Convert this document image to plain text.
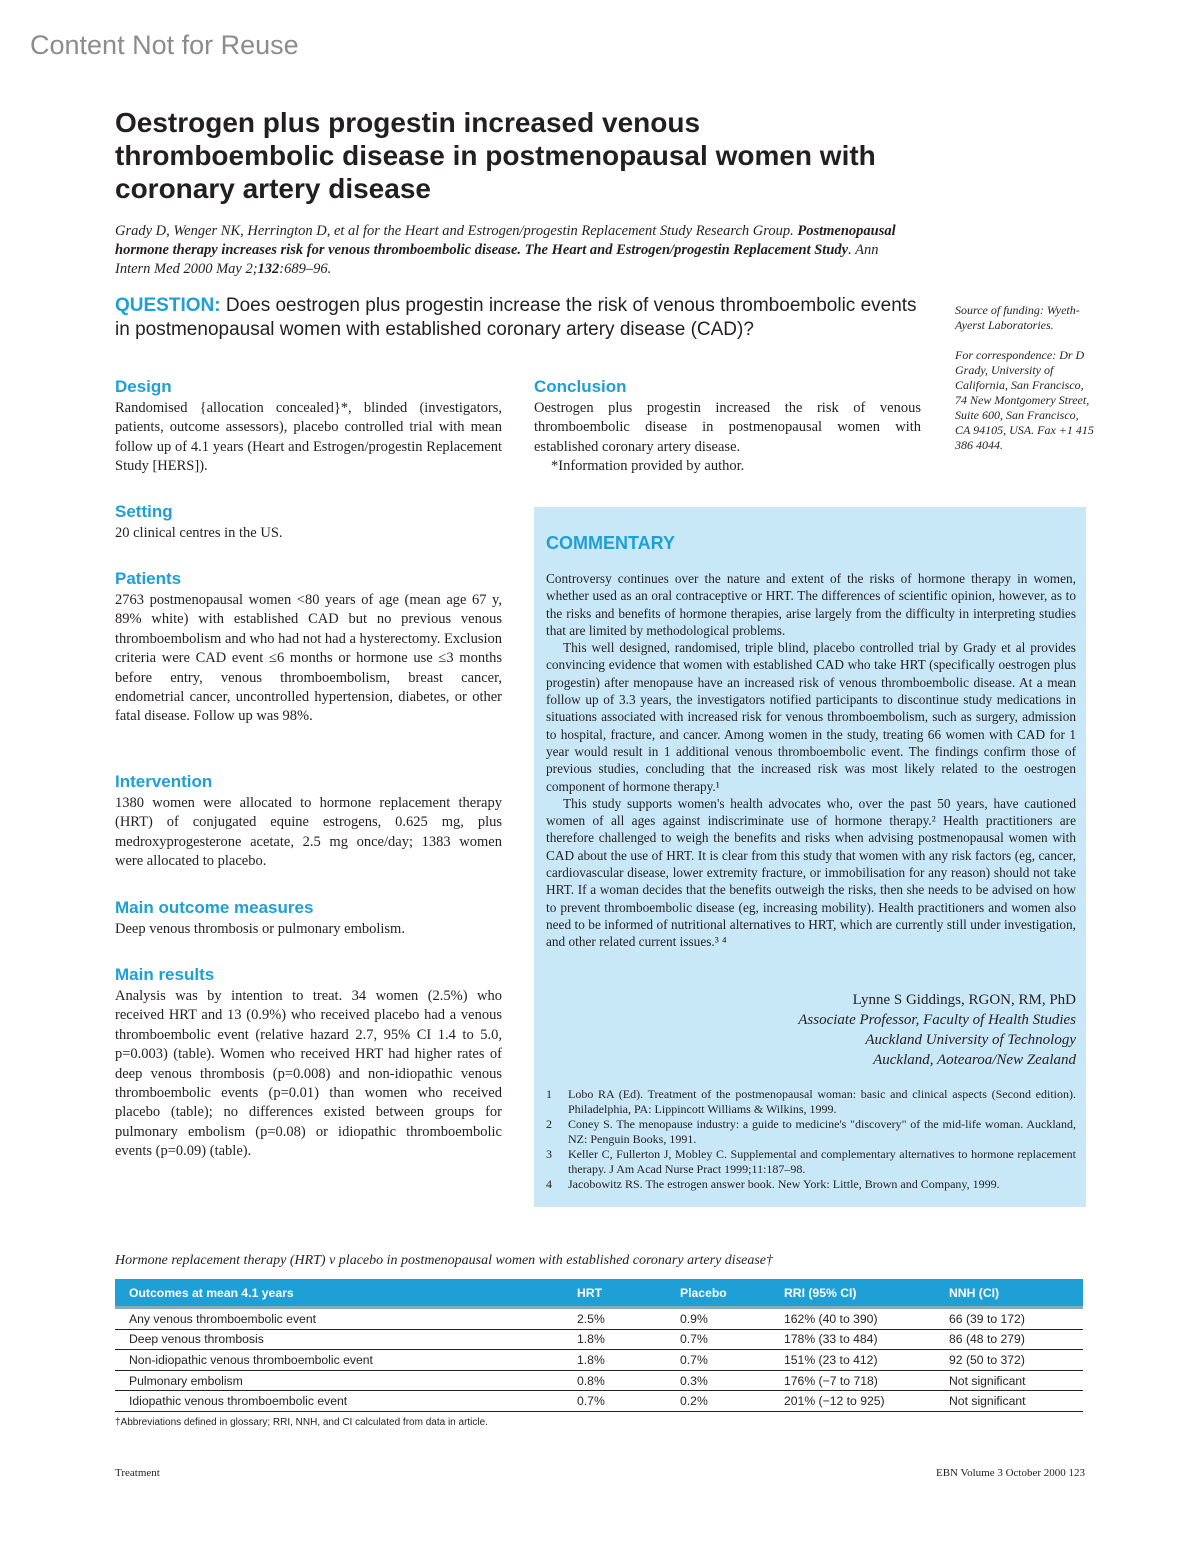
Content Not for Reuse
Oestrogen plus progestin increased venous thromboembolic disease in postmenopausal women with coronary artery disease
Grady D, Wenger NK, Herrington D, et al for the Heart and Estrogen/progestin Replacement Study Research Group. Postmenopausal hormone therapy increases risk for venous thromboembolic disease. The Heart and Estrogen/progestin Replacement Study. Ann Intern Med 2000 May 2;132:689–96.
QUESTION: Does oestrogen plus progestin increase the risk of venous thromboembolic events in postmenopausal women with established coronary artery disease (CAD)?

Source of funding: Wyeth-Ayerst Laboratories.

For correspondence: Dr D Grady, University of California, San Francisco, 74 New Montgomery Street, Suite 600, San Francisco, CA 94105, USA. Fax +1 415 386 4044.

Design

Randomised {allocation concealed}*, blinded (investigators, patients, outcome assessors), placebo controlled trial with mean follow up of 4.1 years (Heart and Estrogen/progestin Replacement Study [HERS]).

Setting

20 clinical centres in the US.

Patients

2763 postmenopausal women <80 years of age (mean age 67 y, 89% white) with established CAD but no previous venous thromboembolism and who had not had a hysterectomy. Exclusion criteria were CAD event ≤6 months or hormone use ≤3 months before entry, venous thromboembolism, breast cancer, endometrial cancer, uncontrolled hypertension, diabetes, or other fatal disease. Follow up was 98%.

Intervention

1380 women were allocated to hormone replacement therapy (HRT) of conjugated equine estrogens, 0.625 mg, plus medroxyprogesterone acetate, 2.5 mg once/day; 1383 women were allocated to placebo.

Main outcome measures

Deep venous thrombosis or pulmonary embolism.

Main results

Analysis was by intention to treat. 34 women (2.5%) who received HRT and 13 (0.9%) who received placebo had a venous thromboembolic event (relative hazard 2.7, 95% CI 1.4 to 5.0, p=0.003) (table). Women who received HRT had higher rates of deep venous thrombosis (p=0.008) and non-idiopathic venous thromboembolic events (p=0.01) than women who received placebo (table); no differences existed between groups for pulmonary embolism (p=0.08) or idiopathic thromboembolic events (p=0.09) (table).

Conclusion

Oestrogen plus progestin increased the risk of venous thromboembolic disease in postmenopausal women with established coronary artery disease.

*Information provided by author.

COMMENTARY

Controversy continues over the nature and extent of the risks of hormone therapy in women, whether used as an oral contraceptive or HRT. The differences of scientific opinion, however, as to the risks and benefits of hormone therapies, arise largely from the difficulty in interpreting studies that are limited by methodological problems.

This well designed, randomised, triple blind, placebo controlled trial by Grady et al provides convincing evidence that women with established CAD who take HRT (specifically oestrogen plus progestin) after menopause have an increased risk of venous thromboembolic disease. At a mean follow up of 3.3 years, the investigators notified participants to discontinue study medications in situations associated with increased risk for venous thromboembolism, such as surgery, admission to hospital, fracture, and cancer. Among women in the study, treating 66 women with CAD for 1 year would result in 1 additional venous thromboembolic event. The findings confirm those of previous studies, concluding that the increased risk was most likely related to the oestrogen component of hormone therapy.¹

This study supports women's health advocates who, over the past 50 years, have cautioned women of all ages against indiscriminate use of hormone therapy.² Health practitioners are therefore challenged to weigh the benefits and risks when advising postmenopausal women with CAD about the use of HRT. It is clear from this study that women with any risk factors (eg, cancer, cardiovascular disease, lower extremity fracture, or immobilisation for any reason) should not take HRT. If a woman decides that the benefits outweigh the risks, then she needs to be advised on how to prevent thromboembolic disease (eg, increasing mobility). Health practitioners and women also need to be informed of nutritional alternatives to HRT, which are currently still under investigation, and other related current issues.³ ⁴

Lynne S Giddings, RGON, RM, PhD
Associate Professor, Faculty of Health Studies
Auckland University of Technology
Auckland, Aotearoa/New Zealand
1	Lobo RA (Ed). Treatment of the postmenopausal woman: basic and clinical aspects (Second edition). Philadelphia, PA: Lippincott Williams & Wilkins, 1999.
2	Coney S. The menopause industry: a guide to medicine's "discovery" of the mid-life woman. Auckland, NZ: Penguin Books, 1991.
3	Keller C, Fullerton J, Mobley C. Supplemental and complementary alternatives to hormone replacement therapy. J Am Acad Nurse Pract 1999;11:187–98.
4	Jacobowitz RS. The estrogen answer book. New York: Little, Brown and Company, 1999.
Hormone replacement therapy (HRT) v placebo in postmenopausal women with established coronary artery disease†
Outcomes at mean 4.1 years	HRT	Placebo	RRI (95% CI)	NNH (CI)
Any venous thromboembolic event	2.5%	0.9%	162% (40 to 390)	66 (39 to 172)
Deep venous thrombosis	1.8%	0.7%	178% (33 to 484)	86 (48 to 279)
Non-idiopathic venous thromboembolic event	1.8%	0.7%	151% (23 to 412)	92 (50 to 372)
Pulmonary embolism	0.8%	0.3%	176% (−7 to 718)	Not significant
Idiopathic venous thromboembolic event	0.7%	0.2%	201% (−12 to 925)	Not significant
†Abbreviations defined in glossary; RRI, NNH, and CI calculated from data in article.
Treatment	EBN Volume 3 October 2000 123
